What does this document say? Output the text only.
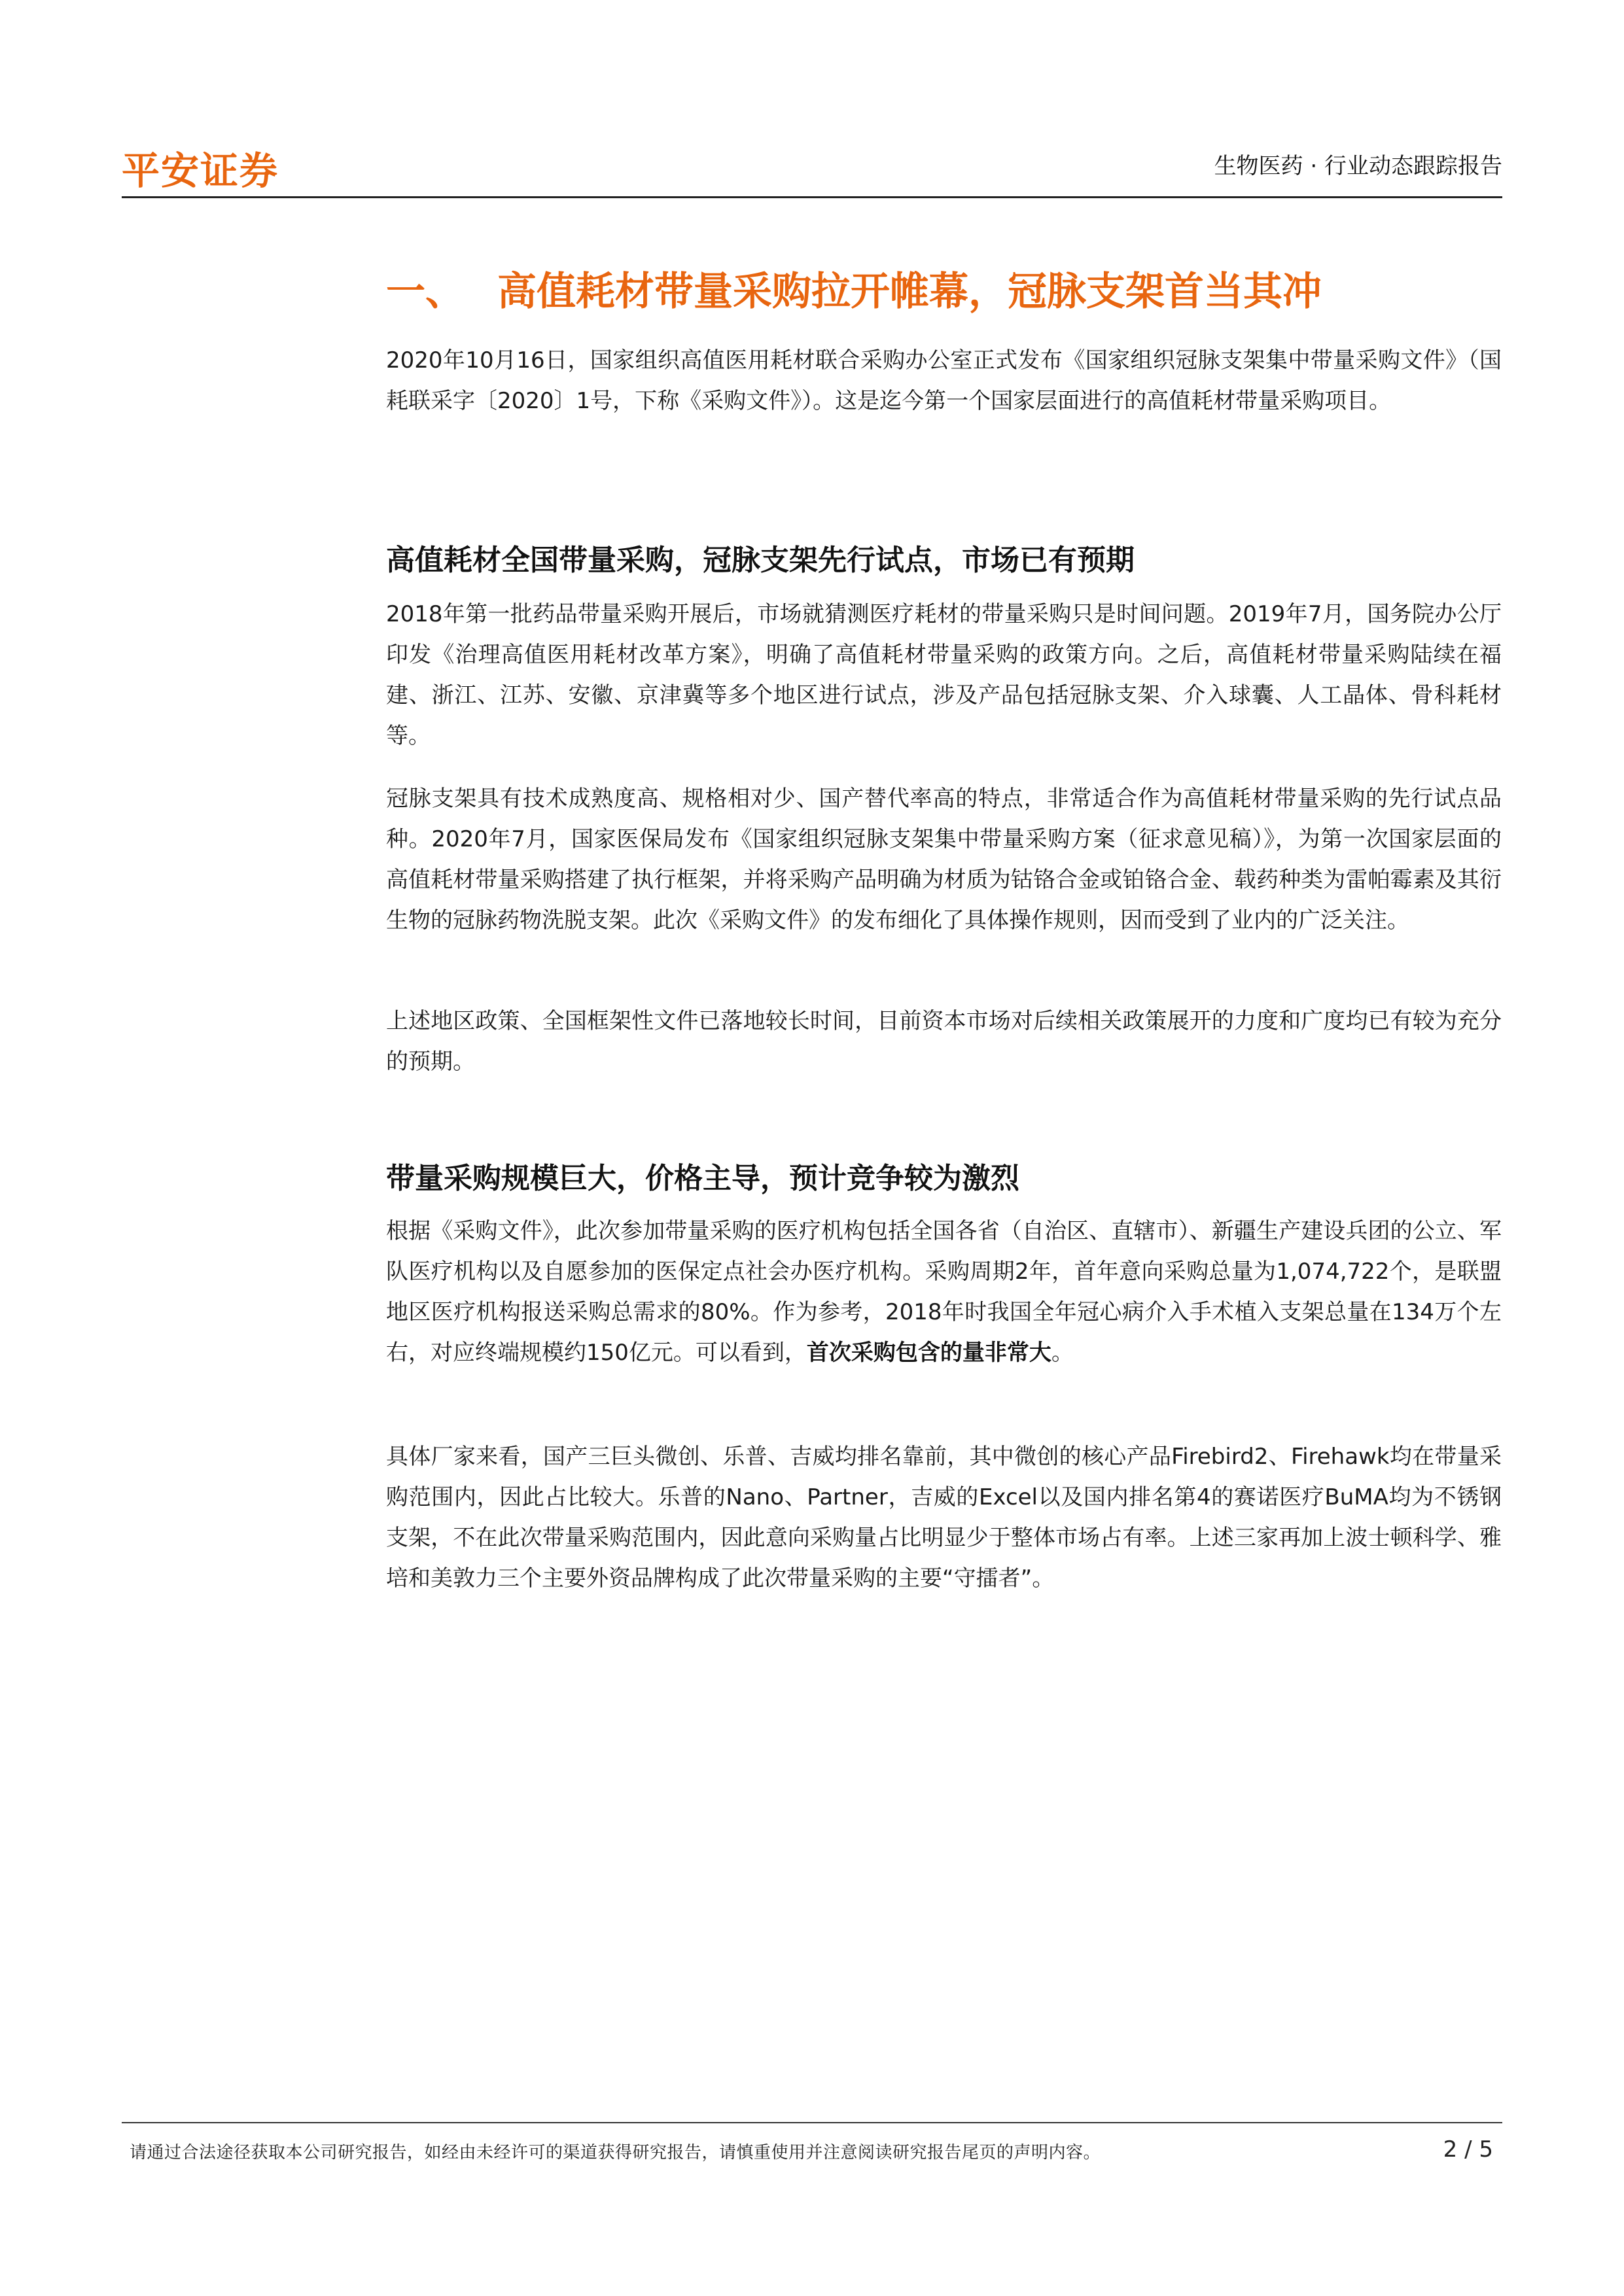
平安证券	生物医药 · 行业动态跟踪报告
一、 高值耗材带量采购拉开帷幕，冠脉支架首当其冲

2020年10月16日，国家组织高值医用耗材联合采购办公室正式发布《国家组织冠脉支架集中带量采购文件》（国耗联采字〔2020〕1号，下称《采购文件》）。这是迄今第一个国家层面进行的高值耗材带量采购项目。

高值耗材全国带量采购，冠脉支架先行试点，市场已有预期

2018年第一批药品带量采购开展后，市场就猜测医疗耗材的带量采购只是时间问题。2019年7月，国务院办公厅印发《治理高值医用耗材改革方案》，明确了高值耗材带量采购的政策方向。之后，高值耗材带量采购陆续在福建、浙江、江苏、安徽、京津冀等多个地区进行试点，涉及产品包括冠脉支架、介入球囊、人工晶体、骨科耗材等。

冠脉支架具有技术成熟度高、规格相对少、国产替代率高的特点，非常适合作为高值耗材带量采购的先行试点品种。2020年7月，国家医保局发布《国家组织冠脉支架集中带量采购方案（征求意见稿）》，为第一次国家层面的高值耗材带量采购搭建了执行框架，并将采购产品明确为材质为钴铬合金或铂铬合金、载药种类为雷帕霉素及其衍生物的冠脉药物洗脱支架。此次《采购文件》的发布细化了具体操作规则，因而受到了业内的广泛关注。

上述地区政策、全国框架性文件已落地较长时间，目前资本市场对后续相关政策展开的力度和广度均已有较为充分的预期。

带量采购规模巨大，价格主导，预计竞争较为激烈

根据《采购文件》，此次参加带量采购的医疗机构包括全国各省（自治区、直辖市）、新疆生产建设兵团的公立、军队医疗机构以及自愿参加的医保定点社会办医疗机构。采购周期2年，首年意向采购总量为1,074,722个，是联盟地区医疗机构报送采购总需求的80%。作为参考，2018年时我国全年冠心病介入手术植入支架总量在134万个左右，对应终端规模约150亿元。可以看到，首次采购包含的量非常大。

具体厂家来看，国产三巨头微创、乐普、吉威均排名靠前，其中微创的核心产品Firebird2、Firehawk均在带量采购范围内，因此占比较大。乐普的Nano、Partner，吉威的Excel以及国内排名第4的赛诺医疗BuMA均为不锈钢支架，不在此次带量采购范围内，因此意向采购量占比明显少于整体市场占有率。上述三家再加上波士顿科学、雅培和美敦力三个主要外资品牌构成了此次带量采购的主要“守擂者”。

请通过合法途径获取本公司研究报告，如经由未经许可的渠道获得研究报告，请慎重使用并注意阅读研究报告尾页的声明内容。	2 / 5
